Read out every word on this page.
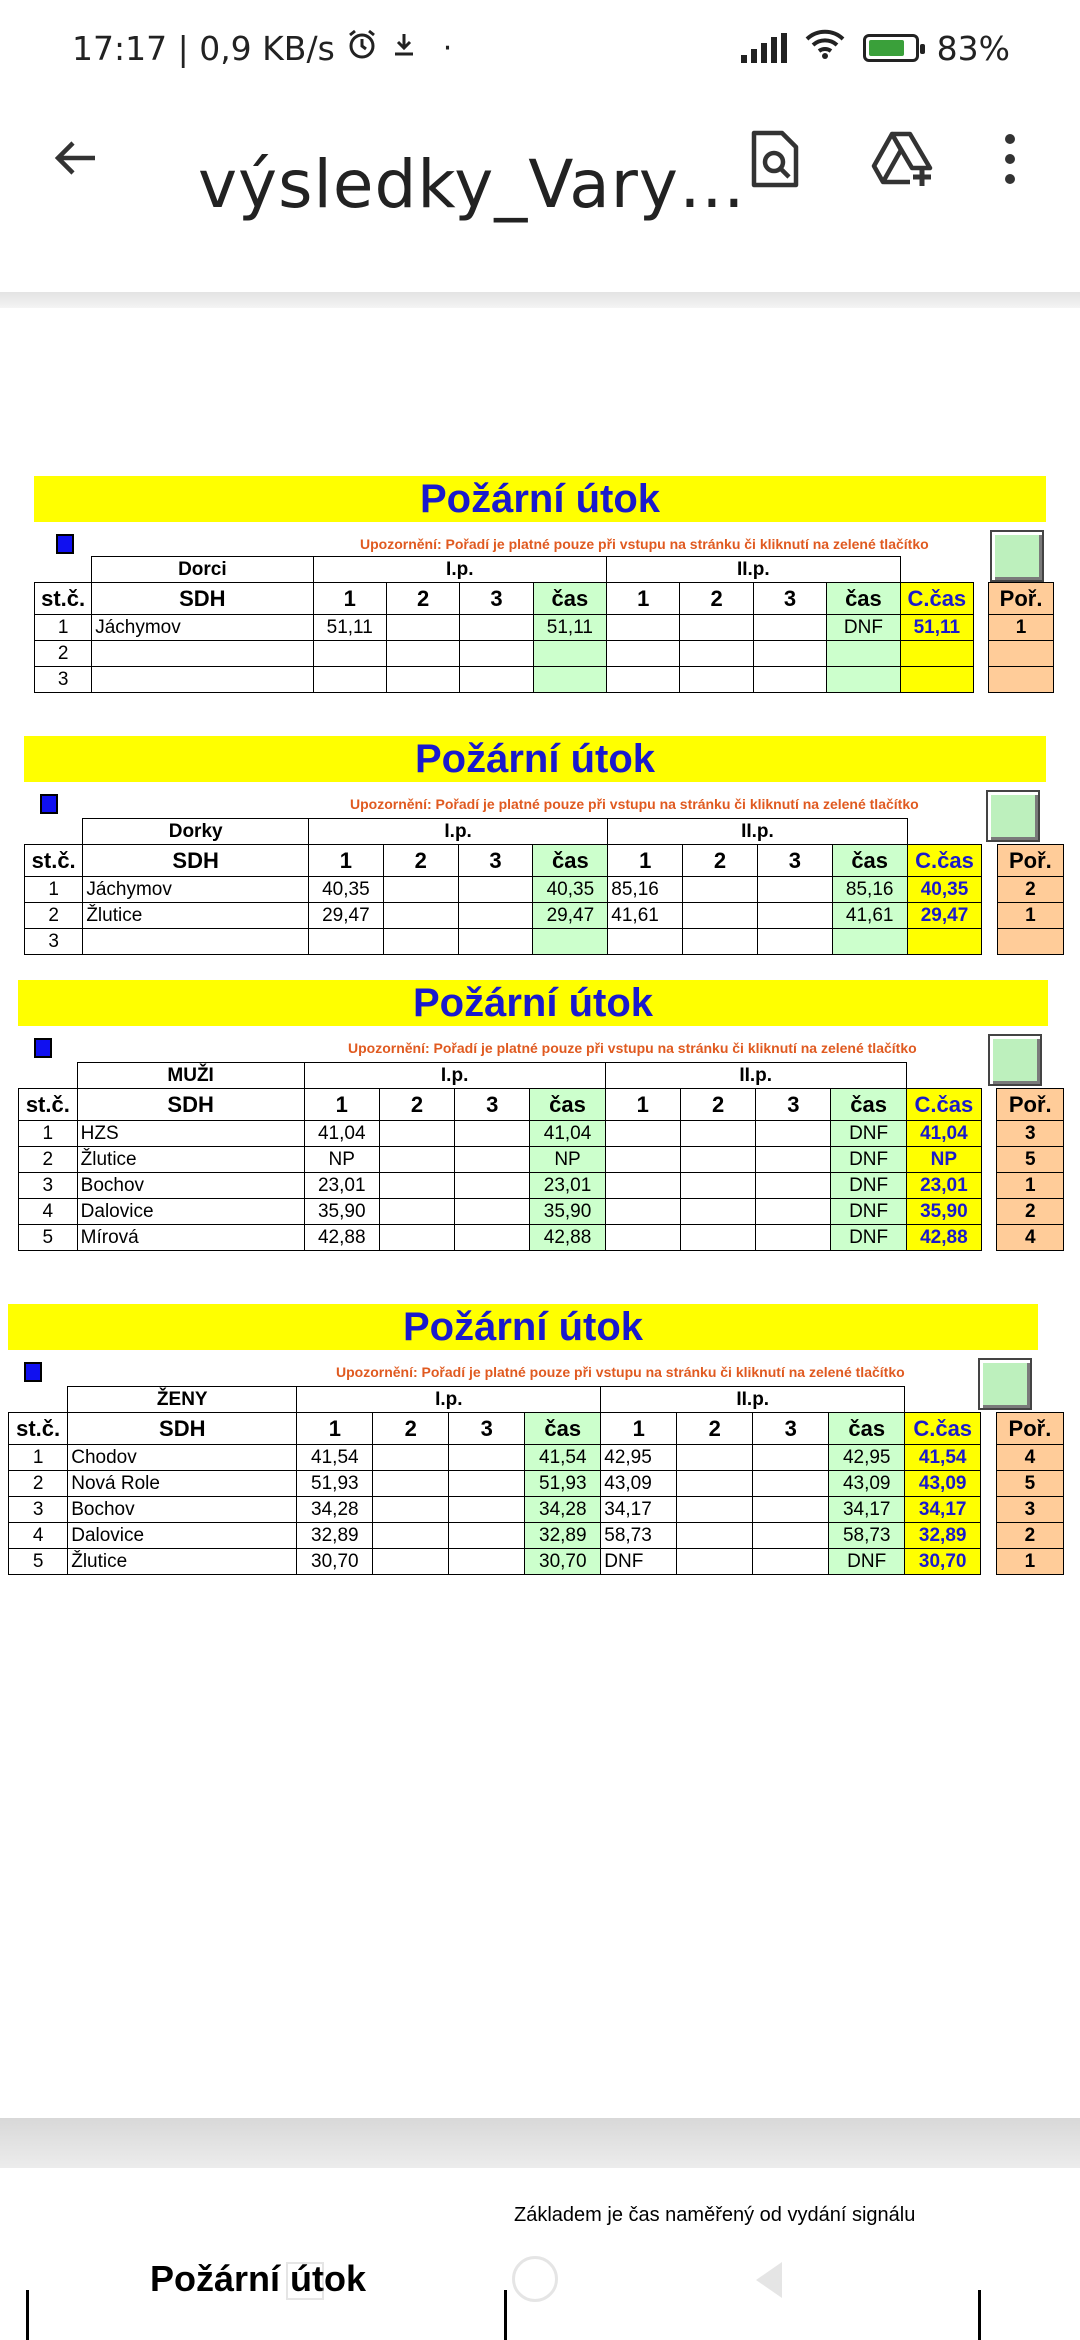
17:17 | 0,9 KB/s	·	83%
výsledky_Vary…
Požární útok
Upozornění: Pořadí je platné pouze při vstupu na stránku či kliknutí na zelené tlačítko
	Dorci	I.p.				II.p.						
st.č.	SDH	1	2	3	čas	1	2	3	čas	C.čas		Poř.
1	Jáchymov	51,11			51,11				DNF	51,11		1
2												
3												
Požární útok
Upozornění: Pořadí je platné pouze při vstupu na stránku či kliknutí na zelené tlačítko
	Dorky	I.p.				II.p.						
st.č.	SDH	1	2	3	čas	1	2	3	čas	C.čas		Poř.
1	Jáchymov	40,35			40,35	85,16			85,16	40,35		2
2	Žlutice	29,47			29,47	41,61			41,61	29,47		1
3												
Požární útok
Upozornění: Pořadí je platné pouze při vstupu na stránku či kliknutí na zelené tlačítko
	MUŽI	I.p.				II.p.						
st.č.	SDH	1	2	3	čas	1	2	3	čas	C.čas		Poř.
1	HZS	41,04			41,04				DNF	41,04		3
2	Žlutice	NP			NP				DNF	NP		5
3	Bochov	23,01			23,01				DNF	23,01		1
4	Dalovice	35,90			35,90				DNF	35,90		2
5	Mírová	42,88			42,88				DNF	42,88		4
Požární útok
Upozornění: Pořadí je platné pouze při vstupu na stránku či kliknutí na zelené tlačítko
	ŽENY	I.p.				II.p.						
st.č.	SDH	1	2	3	čas	1	2	3	čas	C.čas		Poř.
1	Chodov	41,54			41,54	42,95			42,95	41,54		4
2	Nová Role	51,93			51,93	43,09			43,09	43,09		5
3	Bochov	34,28			34,28	34,17			34,17	34,17		3
4	Dalovice	32,89			32,89	58,73			58,73	32,89		2
5	Žlutice	30,70			30,70	DNF			DNF	30,70		1
Požární útok
Základem je čas naměřený od vydání signálu
